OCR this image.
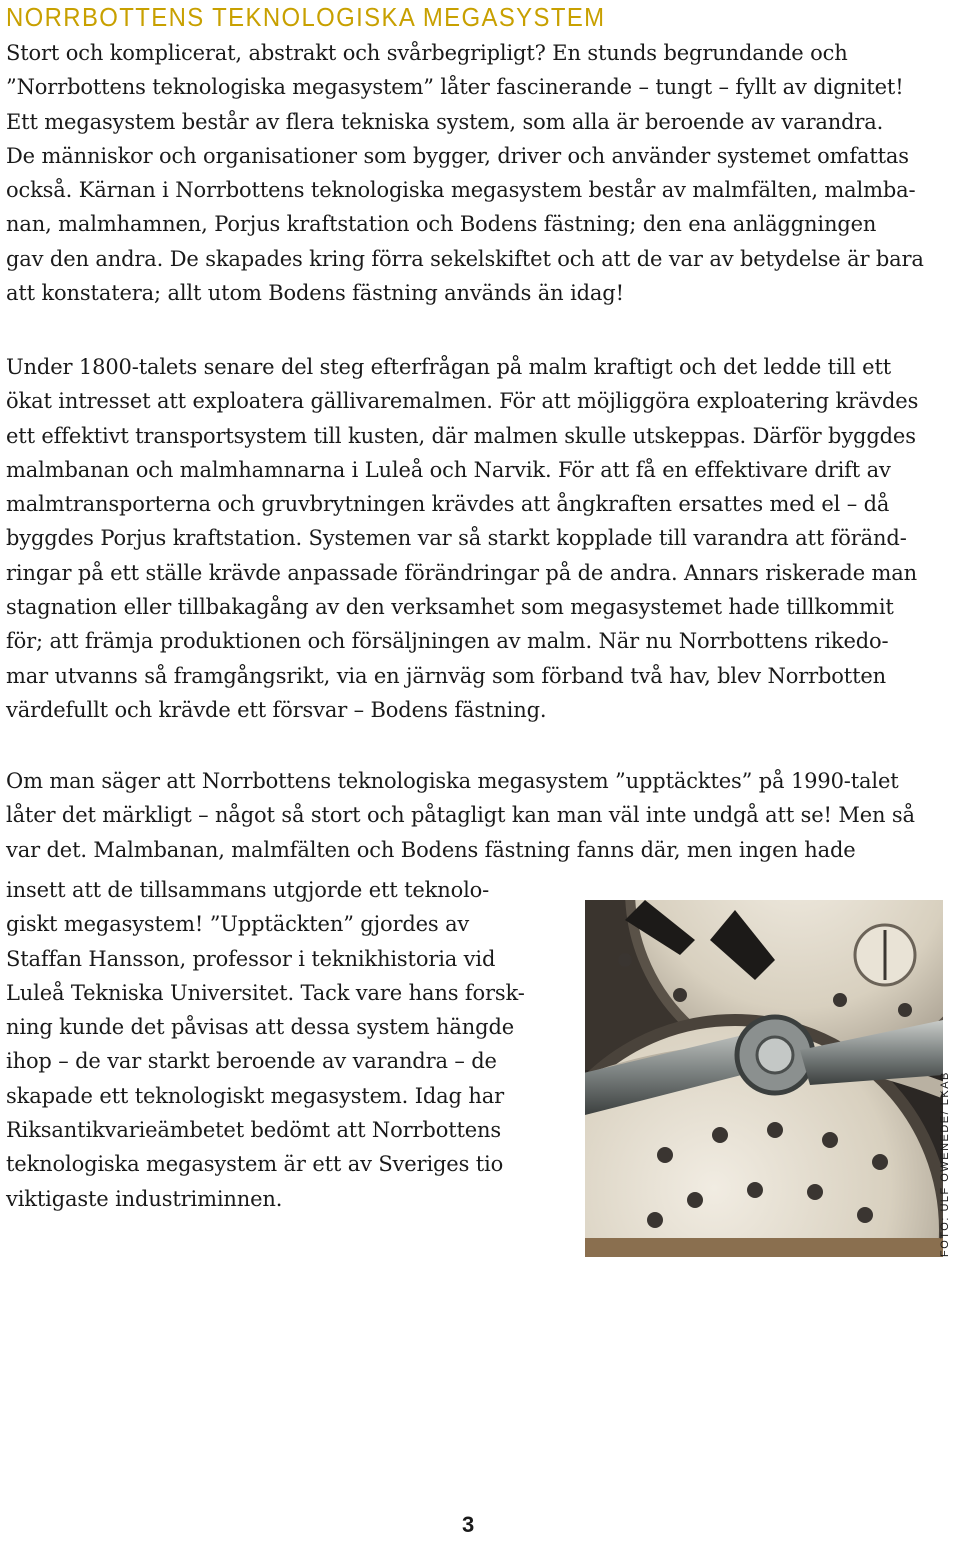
NORRBOTTENS TEKNOLOGISKA MEGASYSTEM

Stort och komplicerat, abstrakt och svårbegripligt? En stunds begrundande och
”Norrbottens teknologiska megasystem” låter fascinerande – tungt – fyllt av dignitet!
Ett megasystem består av flera tekniska system, som alla är beroende av varandra.
De människor och organisationer som bygger, driver och använder systemet omfattas
också. Kärnan i Norrbottens teknologiska megasystem består av malmfälten, malmba-
nan, malmhamnen, Porjus kraftstation och Bodens fästning; den ena anläggningen
gav den andra. De skapades kring förra sekelskiftet och att de var av betydelse är bara
att konstatera; allt utom Bodens fästning används än idag!

Under 1800-talets senare del steg efterfrågan på malm kraftigt och det ledde till ett
ökat intresset att exploatera gällivaremalmen. För att möjliggöra exploatering krävdes
ett effektivt transportsystem till kusten, där malmen skulle utskeppas. Därför byggdes
malmbanan och malmhamnarna i Luleå och Narvik. För att få en effektivare drift av
malmtransporterna och gruvbrytningen krävdes att ångkraften ersattes med el – då
byggdes Porjus kraftstation. Systemen var så starkt kopplade till varandra att föränd-
ringar på ett ställe krävde anpassade förändringar på de andra. Annars riskerade man
stagnation eller tillbakagång av den verksamhet som megasystemet hade tillkommit
för; att främja produktionen och försäljningen av malm. När nu Norrbottens rikedo-
mar utvanns så framgångsrikt, via en järnväg som förband två hav, blev Norrbotten
värdefullt och krävde ett försvar – Bodens fästning.

Om man säger att Norrbottens teknologiska megasystem ”upptäcktes” på 1990-talet
låter det märkligt – något så stort och påtagligt kan man väl inte undgå att se! Men så
var det. Malmbanan, malmfälten och Bodens fästning fanns där, men ingen hade

insett att de tillsammans utgjorde ett teknolo-
giskt megasystem! ”Upptäckten” gjordes av
Staffan Hansson, professor i teknikhistoria vid
Luleå Tekniska Universitet. Tack vare hans forsk-
ning kunde det påvisas att dessa system hängde
ihop – de var starkt beroende av varandra – de
skapade ett teknologiskt megasystem. Idag har
Riksantikvarieämbetet bedömt att Norrbottens
teknologiska megasystem är ett av Sveriges tio
viktigaste industriminnen.	FOTO: ULF OWENEDE/ LKAB
3
